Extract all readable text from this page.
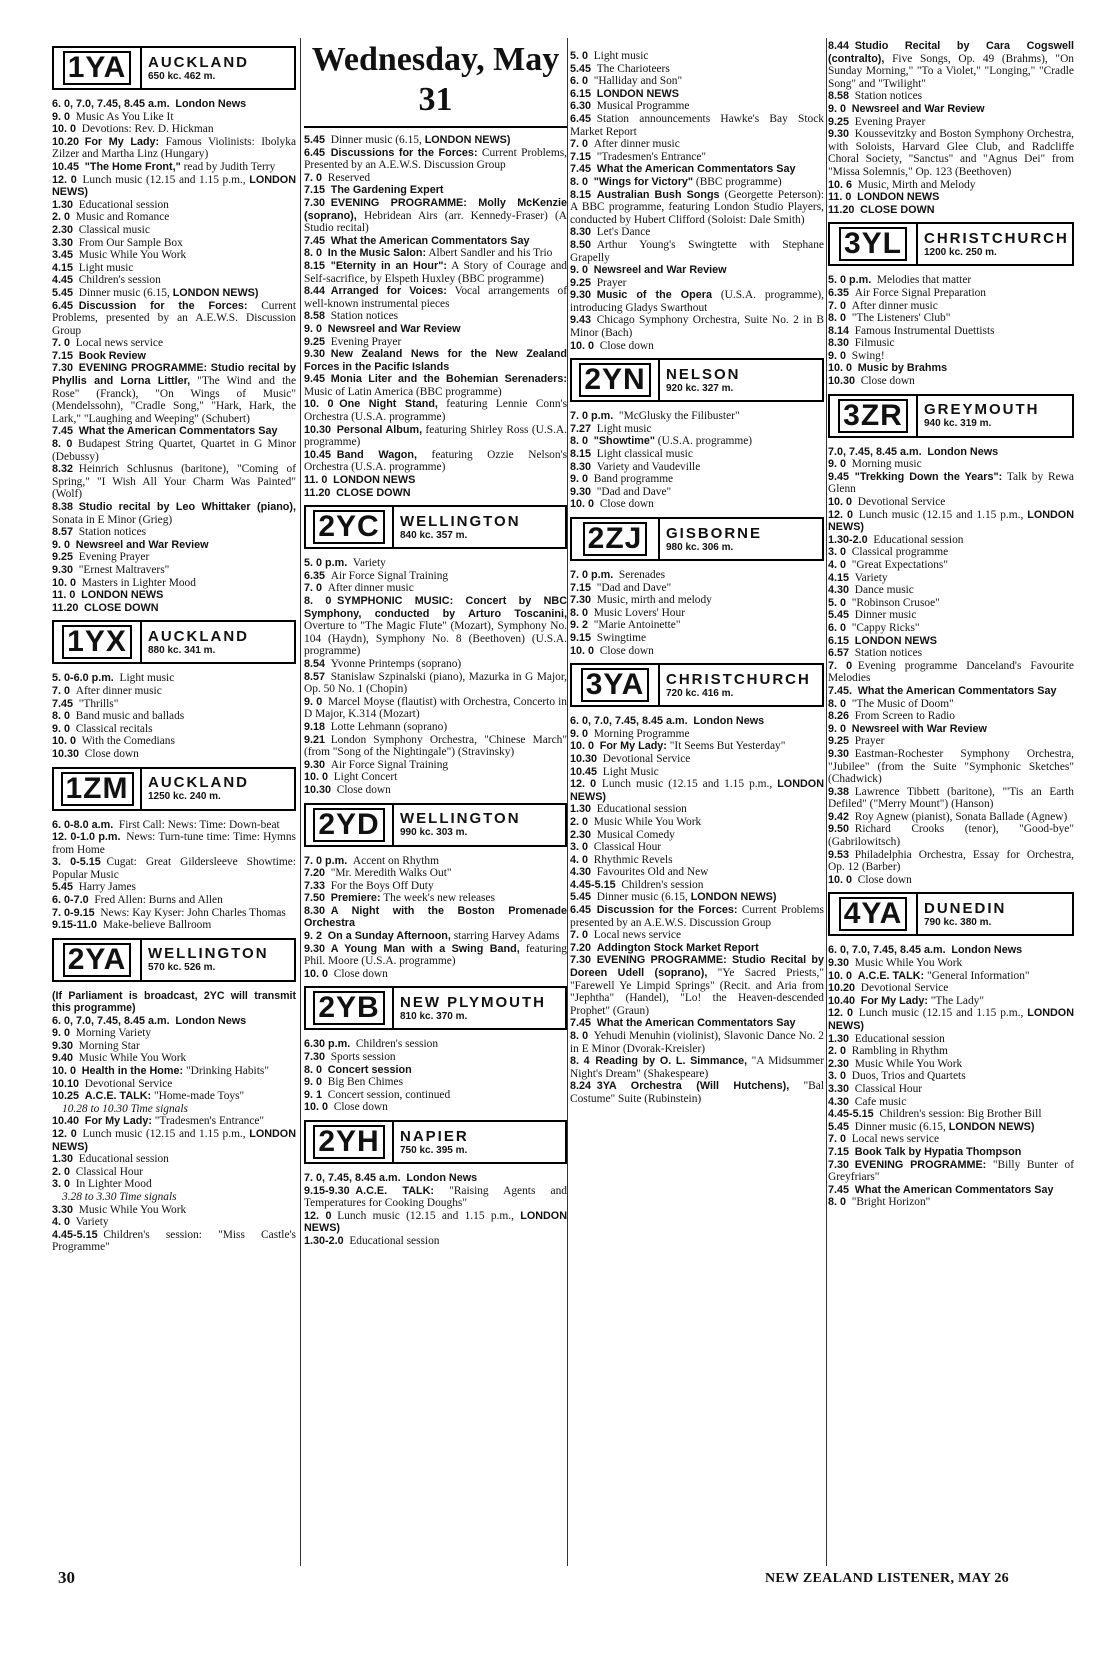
1YA	AUCKLAND
650 kc. 462 m.

6. 0, 7.0, 7.45, 8.45 a.m.  London News

9. 0  Music As You Like It

10. 0  Devotions: Rev. D. Hickman

10.20  For My Lady: Famous Violinists: Ibolyka Zilzer and Martha Linz (Hungary)

10.45  "The Home Front," read by Judith Terry

12. 0  Lunch music (12.15 and 1.15 p.m., LONDON NEWS)

1.30  Educational session

2. 0  Music and Romance

2.30  Classical music

3.30  From Our Sample Box

3.45  Music While You Work

4.15  Light music

4.45  Children's session

5.45  Dinner music (6.15, LONDON NEWS)

6.45  Discussion for the Forces: Current Problems, presented by an A.E.W.S. Discussion Group

7. 0  Local news service

7.15  Book Review

7.30  EVENING PROGRAMME: Studio recital by Phyllis and Lorna Littler, "The Wind and the Rose" (Franck), "On Wings of Music" (Mendelssohn), "Cradle Song," "Hark, Hark, the Lark," "Laughing and Weeping" (Schubert)

7.45  What the American Commentators Say

8. 0  Budapest String Quartet, Quartet in G Minor (Debussy)

8.32  Heinrich Schlusnus (baritone), "Coming of Spring," "I Wish All Your Charm Was Painted" (Wolf)

8.38  Studio recital by Leo Whittaker (piano), Sonata in E Minor (Grieg)

8.57  Station notices

9. 0  Newsreel and War Review

9.25  Evening Prayer

9.30  "Ernest Maltravers"

10. 0  Masters in Lighter Mood

11. 0  LONDON NEWS

11.20  CLOSE DOWN

1YX	AUCKLAND
880 kc. 341 m.

5. 0-6.0 p.m.  Light music

7. 0  After dinner music

7.45  "Thrills"

8. 0  Band music and ballads

9. 0  Classical recitals

10. 0  With the Comedians

10.30  Close down

1ZM	AUCKLAND
1250 kc. 240 m.

6. 0-8.0 a.m.  First Call: News: Time: Down-beat

12. 0-1.0 p.m.  News: Turn-tune time: Time: Hymns from Home

3. 0-5.15  Cugat: Great Gildersleeve Showtime: Popular Music

5.45  Harry James

6. 0-7.0  Fred Allen: Burns and Allen

7. 0-9.15  News: Kay Kyser: John Charles Thomas

9.15-11.0  Make-believe Ballroom

2YA	WELLINGTON
570 kc. 526 m.

(If Parliament is broadcast, 2YC will transmit this programme)

6. 0, 7.0, 7.45, 8.45 a.m.  London News

9. 0  Morning Variety

9.30  Morning Star

9.40  Music While You Work

10. 0  Health in the Home: "Drinking Habits"

10.10  Devotional Service

10.25  A.C.E. TALK: "Home-made Toys"

10.28 to 10.30 Time signals

10.40  For My Lady: "Tradesmen's Entrance"

12. 0  Lunch music (12.15 and 1.15 p.m., LONDON NEWS)

1.30  Educational session

2. 0  Classical Hour

3. 0  In Lighter Mood

3.28 to 3.30 Time signals

3.30  Music While You Work

4. 0  Variety

4.45-5.15  Children's session: "Miss Castle's Programme"

Wednesday, May 31

5.45  Dinner music (6.15, LONDON NEWS)

6.45  Discussions for the Forces: Current Problems, Presented by an A.E.W.S. Discussion Group

7. 0  Reserved

7.15  The Gardening Expert

7.30  EVENING PROGRAMME: Molly McKenzie (soprano), Hebridean Airs (arr. Kennedy-Fraser) (A Studio recital)

7.45  What the American Commentators Say

8. 0  In the Music Salon: Albert Sandler and his Trio

8.15  "Eternity in an Hour": A Story of Courage and Self-sacrifice, by Elspeth Huxley (BBC programme)

8.44  Arranged for Voices: Vocal arrangements of well-known instrumental pieces

8.58  Station notices

9. 0  Newsreel and War Review

9.25  Evening Prayer

9.30  New Zealand News for the New Zealand Forces in the Pacific Islands

9.45  Monia Liter and the Bohemian Serenaders: Music of Latin America (BBC programme)

10. 0  One Night Stand, featuring Lennie Conn's Orchestra (U.S.A. programme)

10.30  Personal Album, featuring Shirley Ross (U.S.A. programme)

10.45  Band Wagon, featuring Ozzie Nelson's Orchestra (U.S.A. programme)

11. 0  LONDON NEWS

11.20  CLOSE DOWN

2YC	WELLINGTON
840 kc. 357 m.

5. 0 p.m.  Variety

6.35  Air Force Signal Training

7. 0  After dinner music

8. 0  SYMPHONIC MUSIC: Concert by NBC Symphony, conducted by Arturo Toscanini, Overture to "The Magic Flute" (Mozart), Symphony No. 104 (Haydn), Symphony No. 8 (Beethoven) (U.S.A. programme)

8.54  Yvonne Printemps (soprano)

8.57  Stanislaw Szpinalski (piano), Mazurka in G Major, Op. 50 No. 1 (Chopin)

9. 0  Marcel Moyse (flautist) with Orchestra, Concerto in D Major, K.314 (Mozart)

9.18  Lotte Lehmann (soprano)

9.21  London Symphony Orchestra, "Chinese March" (from "Song of the Nightingale") (Stravinsky)

9.30  Air Force Signal Training

10. 0  Light Concert

10.30  Close down

2YD	WELLINGTON
990 kc. 303 m.

7. 0 p.m.  Accent on Rhythm

7.20  "Mr. Meredith Walks Out"

7.33  For the Boys Off Duty

7.50  Premiere: The week's new releases

8.30  A Night with the Boston Promenade Orchestra

9. 2  On a Sunday Afternoon, starring Harvey Adams

9.30  A Young Man with a Swing Band, featuring Phil. Moore (U.S.A. programme)

10. 0  Close down

2YB	NEW PLYMOUTH
810 kc. 370 m.

6.30 p.m.  Children's session

7.30  Sports session

8. 0  Concert session

9. 0  Big Ben Chimes

9. 1  Concert session, continued

10. 0  Close down

2YH	NAPIER
750 kc. 395 m.

7. 0, 7.45, 8.45 a.m.  London News

9.15-9.30  A.C.E. TALK: "Raising Agents and Temperatures for Cooking Doughs"

12. 0  Lunch music (12.15 and 1.15 p.m., LONDON NEWS)

1.30-2.0  Educational session

5. 0  Light music

5.45  The Charioteers

6. 0  "Halliday and Son"

6.15  LONDON NEWS

6.30  Musical Programme

6.45  Station announcements Hawke's Bay Stock Market Report

7. 0  After dinner music

7.15  "Tradesmen's Entrance"

7.45  What the American Commentators Say

8. 0  "Wings for Victory" (BBC programme)

8.15  Australian Bush Songs (Georgette Peterson): A BBC programme, featuring London Studio Players, conducted by Hubert Clifford (Soloist: Dale Smith)

8.30  Let's Dance

8.50  Arthur Young's Swingtette with Stephane Grapelly

9. 0  Newsreel and War Review

9.25  Prayer

9.30  Music of the Opera (U.S.A. programme), introducing Gladys Swarthout

9.43  Chicago Symphony Orchestra, Suite No. 2 in B Minor (Bach)

10. 0  Close down

2YN	NELSON
920 kc. 327 m.

7. 0 p.m.  "McGlusky the Filibuster"

7.27  Light music

8. 0  "Showtime" (U.S.A. programme)

8.15  Light classical music

8.30  Variety and Vaudeville

9. 0  Band programme

9.30  "Dad and Dave"

10. 0  Close down

2ZJ	GISBORNE
980 kc. 306 m.

7. 0 p.m.  Serenades

7.15  "Dad and Dave"

7.30  Music, mirth and melody

8. 0  Music Lovers' Hour

9. 2  "Marie Antoinette"

9.15  Swingtime

10. 0  Close down

3YA	CHRISTCHURCH
720 kc. 416 m.

6. 0, 7.0, 7.45, 8.45 a.m.  London News

9. 0  Morning Programme

10. 0  For My Lady: "It Seems But Yesterday"

10.30  Devotional Service

10.45  Light Music

12. 0  Lunch music (12.15 and 1.15 p.m., LONDON NEWS)

1.30  Educational session

2. 0  Music While You Work

2.30  Musical Comedy

3. 0  Classical Hour

4. 0  Rhythmic Revels

4.30  Favourites Old and New

4.45-5.15  Children's session

5.45  Dinner music (6.15, LONDON NEWS)

6.45  Discussion for the Forces: Current Problems presented by an A.E.W.S. Discussion Group

7. 0  Local news service

7.20  Addington Stock Market Report

7.30  EVENING PROGRAMME: Studio Recital by Doreen Udell (soprano), "Ye Sacred Priests," "Farewell Ye Limpid Springs" (Recit. and Aria from "Jephtha" (Handel), "Lo! the Heaven-descended Prophet" (Graun)

7.45  What the American Commentators Say

8. 0  Yehudi Menuhin (violinist), Slavonic Dance No. 2 in E Minor (Dvorak-Kreisler)

8. 4  Reading by O. L. Simmance, "A Midsummer Night's Dream" (Shakespeare)

8.24  3YA Orchestra (Will Hutchens), "Bal Costume" Suite (Rubinstein)

8.44  Studio Recital by Cara Cogswell (contralto), Five Songs, Op. 49 (Brahms), "On Sunday Morning," "To a Violet," "Longing," "Cradle Song" and "Twilight"

8.58  Station notices

9. 0  Newsreel and War Review

9.25  Evening Prayer

9.30  Koussevitzky and Boston Symphony Orchestra, with Soloists, Harvard Glee Club, and Radcliffe Choral Society, "Sanctus" and "Agnus Dei" from "Missa Solemnis," Op. 123 (Beethoven)

10. 6  Music, Mirth and Melody

11. 0  LONDON NEWS

11.20  CLOSE DOWN

3YL	CHRISTCHURCH
1200 kc. 250 m.

5. 0 p.m.  Melodies that matter

6.35  Air Force Signal Preparation

7. 0  After dinner music

8. 0  "The Listeners' Club"

8.14  Famous Instrumental Duettists

8.30  Filmusic

9. 0  Swing!

10. 0  Music by Brahms

10.30  Close down

3ZR	GREYMOUTH
940 kc. 319 m.

7.0, 7.45, 8.45 a.m.  London News

9. 0  Morning music

9.45  "Trekking Down the Years": Talk by Rewa Glenn

10. 0  Devotional Service

12. 0  Lunch music (12.15 and 1.15 p.m., LONDON NEWS)

1.30-2.0  Educational session

3. 0  Classical programme

4. 0  "Great Expectations"

4.15  Variety

4.30  Dance music

5. 0  "Robinson Crusoe"

5.45  Dinner music

6. 0  "Cappy Ricks"

6.15  LONDON NEWS

6.57  Station notices

7. 0  Evening programme Danceland's Favourite Melodies

7.45.  What the American Commentators Say

8. 0  "The Music of Doom"

8.26  From Screen to Radio

9. 0  Newsreel with War Review

9.25  Prayer

9.30  Eastman-Rochester Symphony Orchestra, "Jubilee" (from the Suite "Symphonic Sketches" (Chadwick)

9.38  Lawrence Tibbett (baritone), "'Tis an Earth Defiled" ("Merry Mount") (Hanson)

9.42  Roy Agnew (pianist), Sonata Ballade (Agnew)

9.50  Richard Crooks (tenor), "Good-bye" (Gabrilowitsch)

9.53  Philadelphia Orchestra, Essay for Orchestra, Op. 12 (Barber)

10. 0  Close down

4YA	DUNEDIN
790 kc. 380 m.

6. 0, 7.0, 7.45, 8.45 a.m.  London News

9.30  Music While You Work

10. 0  A.C.E. TALK: "General Information"

10.20  Devotional Service

10.40  For My Lady: "The Lady"

12. 0  Lunch music (12.15 and 1.15 p.m., LONDON NEWS)

1.30  Educational session

2. 0  Rambling in Rhythm

2.30  Music While You Work

3. 0  Duos, Trios and Quartets

3.30  Classical Hour

4.30  Cafe music

4.45-5.15  Children's session: Big Brother Bill

5.45  Dinner music (6.15, LONDON NEWS)

7. 0  Local news service

7.15  Book Talk by Hypatia Thompson

7.30  EVENING PROGRAMME: "Billy Bunter of Greyfriars"

7.45  What the American Commentators Say

8. 0  "Bright Horizon"

30	NEW ZEALAND LISTENER, MAY 26
